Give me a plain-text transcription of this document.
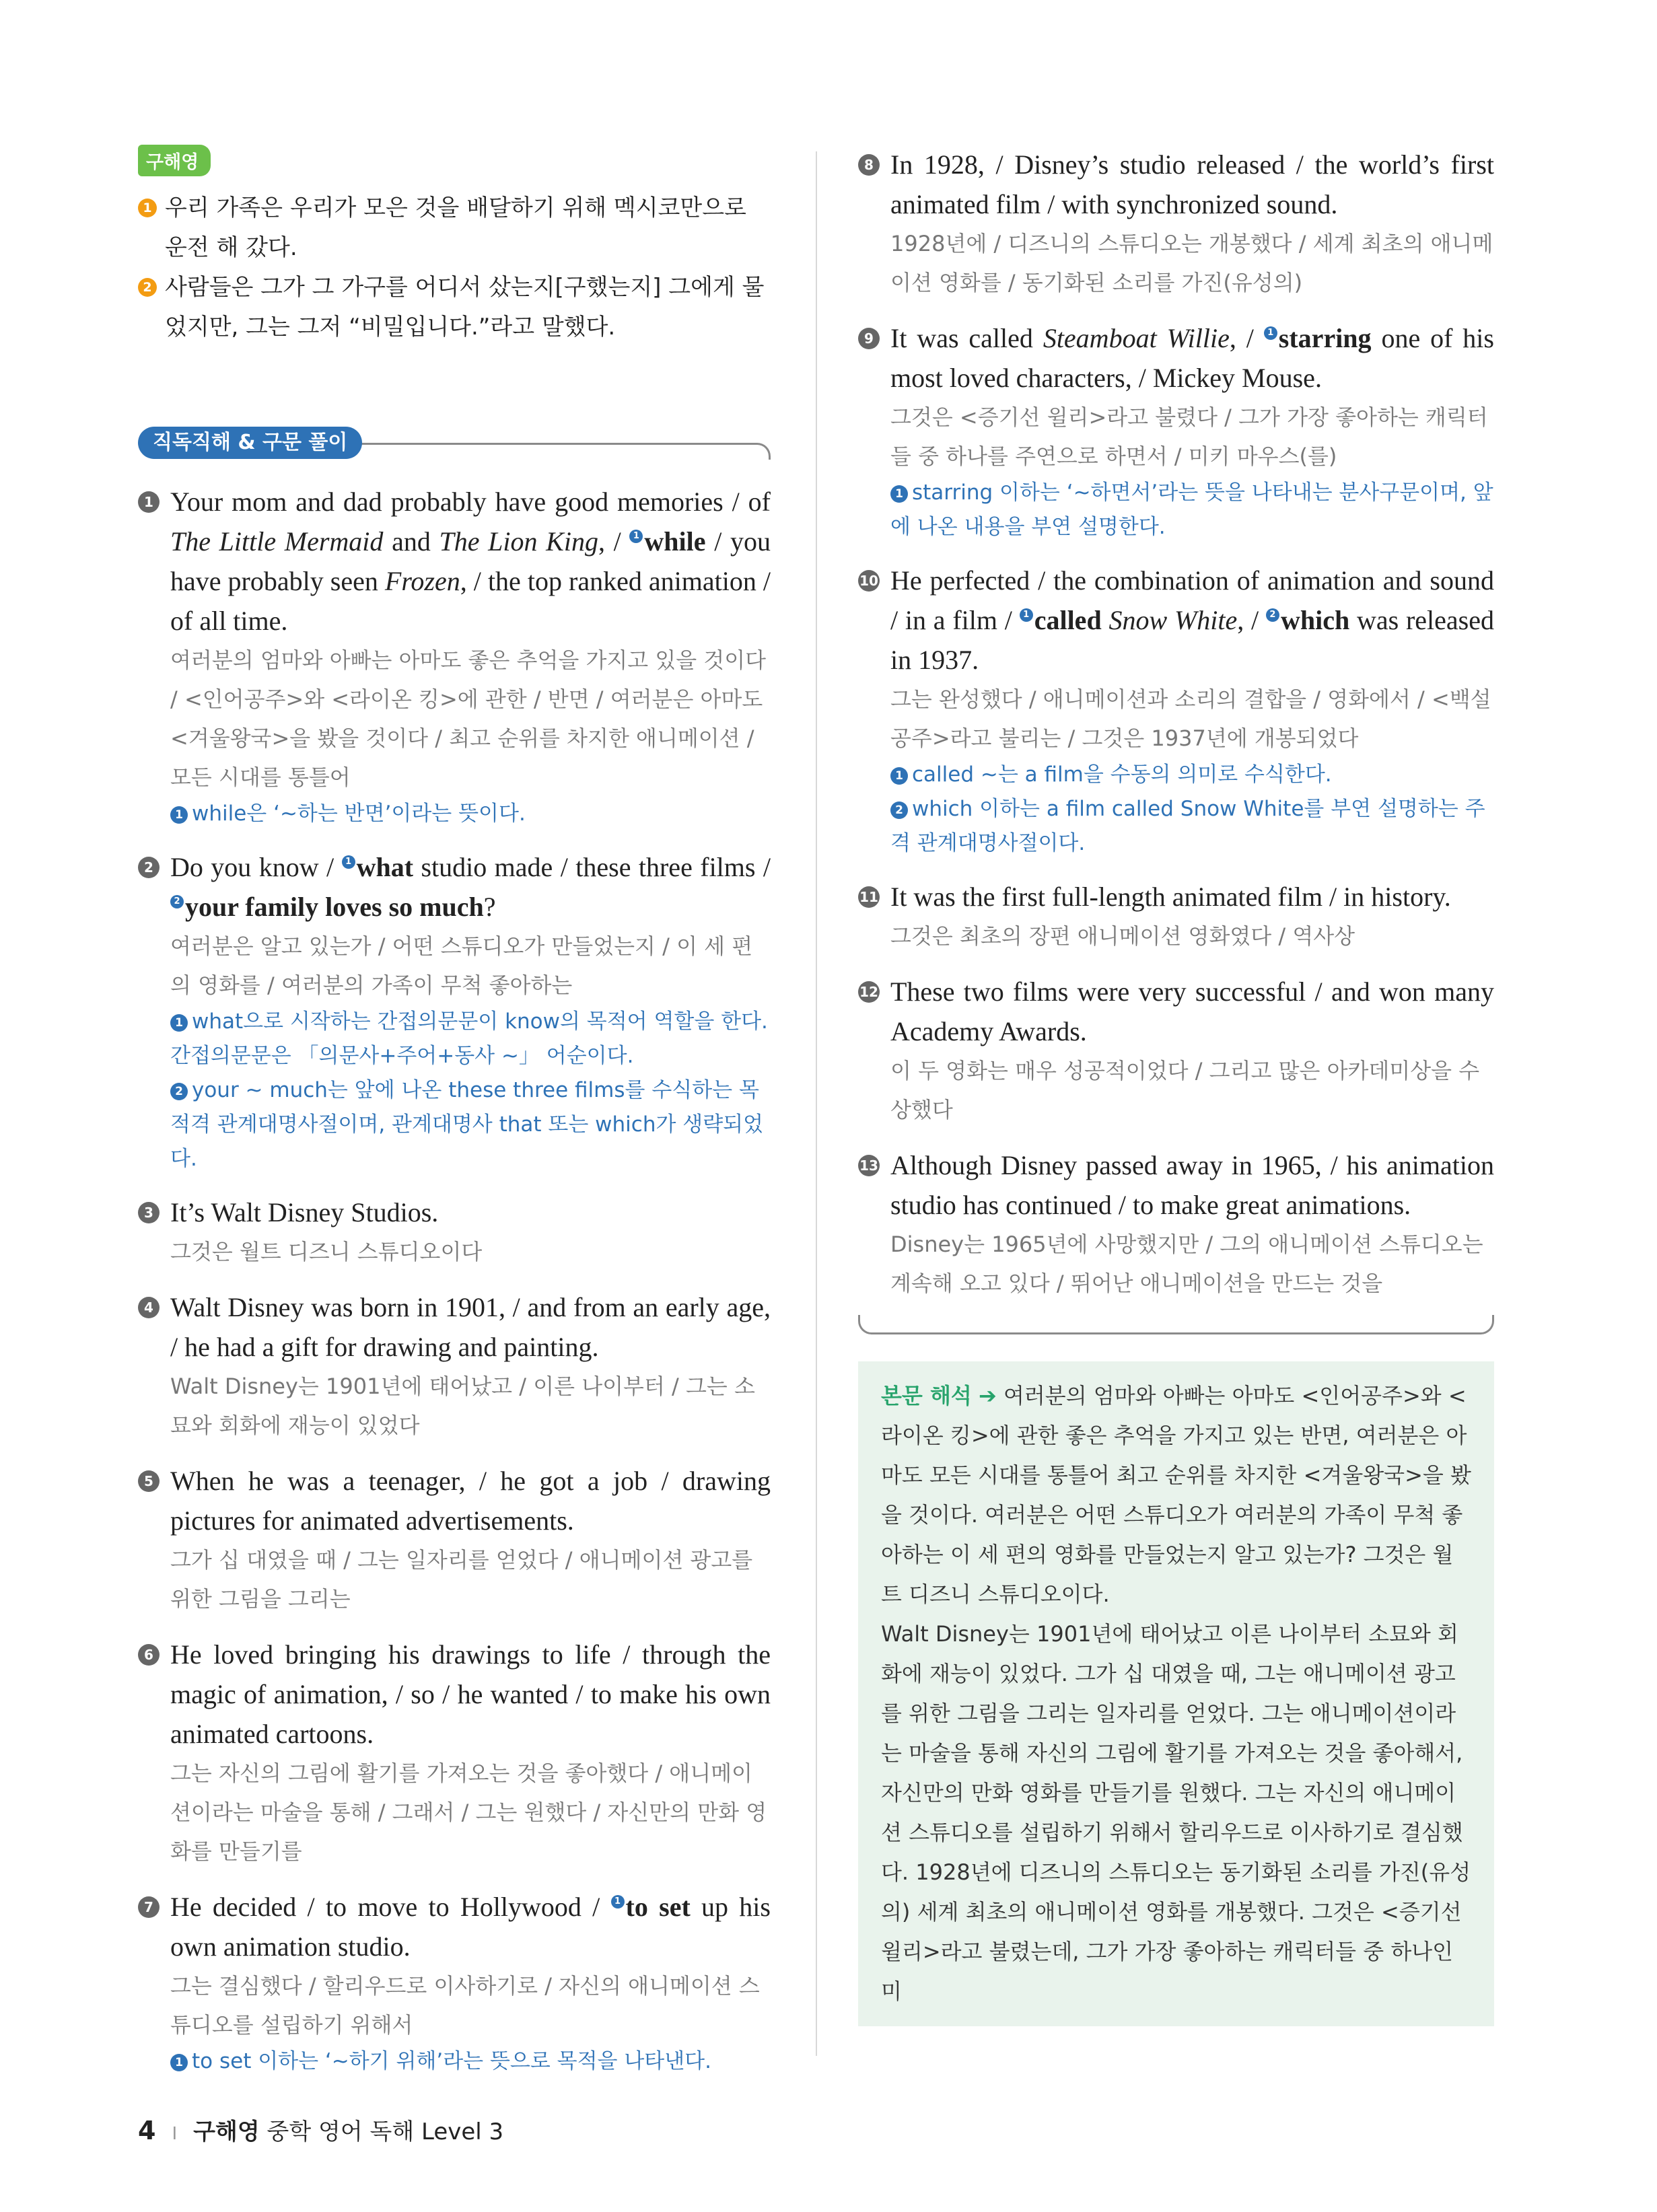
구해영
1 우리 가족은 우리가 모은 것을 배달하기 위해 멕시코만으로 운전 해 갔다.
2 사람들은 그가 그 가구를 어디서 샀는지[구했는지] 그에게 물었지만, 그는 그저 “비밀입니다.”라고 말했다.
직독직해 & 구문 풀이
1 Your mom and dad probably have good memories / of The Little Mermaid and The Lion King, / 1 while / you have probably seen Frozen, / the top ranked animation / of all time.
여러분의 엄마와 아빠는 아마도 좋은 추억을 가지고 있을 것이다 / <인어공주>와 <라이온 킹>에 관한 / 반면 / 여러분은 아마도 <겨울왕국>을 봤을 것이다 / 최고 순위를 차지한 애니메이션 / 모든 시대를 통틀어
1 while은 ‘~하는 반면’이라는 뜻이다.
2 Do you know / 1 what studio made / these three films / 2 your family loves so much?
여러분은 알고 있는가 / 어떤 스튜디오가 만들었는지 / 이 세 편의 영화를 / 여러분의 가족이 무척 좋아하는
1 what으로 시작하는 간접의문문이 know의 목적어 역할을 한다. 간접의문문은 「의문사+주어+동사 ~」 어순이다.
2 your ~ much는 앞에 나온 these three films를 수식하는 목적격 관계대명사절이며, 관계대명사 that 또는 which가 생략되었다.
3 It’s Walt Disney Studios.
그것은 월트 디즈니 스튜디오이다
4 Walt Disney was born in 1901, / and from an early age, / he had a gift for drawing and painting.
Walt Disney는 1901년에 태어났고 / 이른 나이부터 / 그는 소묘와 회화에 재능이 있었다
5 When he was a teenager, / he got a job / drawing pictures for animated advertisements.
그가 십 대였을 때 / 그는 일자리를 얻었다 / 애니메이션 광고를 위한 그림을 그리는
6 He loved bringing his drawings to life / through the magic of animation, / so / he wanted / to make his own animated cartoons.
그는 자신의 그림에 활기를 가져오는 것을 좋아했다 / 애니메이션이라는 마술을 통해 / 그래서 / 그는 원했다 / 자신만의 만화 영화를 만들기를
7 He decided / to move to Hollywood / 1 to set up his own animation studio.
그는 결심했다 / 할리우드로 이사하기로 / 자신의 애니메이션 스튜디오를 설립하기 위해서
1 to set 이하는 ‘~하기 위해’라는 뜻으로 목적을 나타낸다.
8 In 1928, / Disney’s studio released / the world’s first animated film / with synchronized sound.
1928년에 / 디즈니의 스튜디오는 개봉했다 / 세계 최초의 애니메이션 영화를 / 동기화된 소리를 가진(유성의)
9 It was called Steamboat Willie, / 1 starring one of his most loved characters, / Mickey Mouse.
그것은 <증기선 윌리>라고 불렸다 / 그가 가장 좋아하는 캐릭터들 중 하나를 주연으로 하면서 / 미키 마우스(를)
1 starring 이하는 ‘~하면서’라는 뜻을 나타내는 분사구문이며, 앞에 나온 내용을 부연 설명한다.
10 He perfected / the combination of animation and sound / in a film / 1 called Snow White, / 2 which was released in 1937.
그는 완성했다 / 애니메이션과 소리의 결합을 / 영화에서 / <백설공주>라고 불리는 / 그것은 1937년에 개봉되었다
1 called ~는 a film을 수동의 의미로 수식한다.
2 which 이하는 a film called Snow White를 부연 설명하는 주격 관계대명사절이다.
11 It was the first full-length animated film / in history.
그것은 최초의 장편 애니메이션 영화였다 / 역사상
12 These two films were very successful / and won many Academy Awards.
이 두 영화는 매우 성공적이었다 / 그리고 많은 아카데미상을 수상했다
13 Although Disney passed away in 1965, / his animation studio has continued / to make great animations.
Disney는 1965년에 사망했지만 / 그의 애니메이션 스튜디오는 계속해 오고 있다 / 뛰어난 애니메이션을 만드는 것을
본문 해석 ➔ 여러분의 엄마와 아빠는 아마도 <인어공주>와 <라이온 킹>에 관한 좋은 추억을 가지고 있는 반면, 여러분은 아마도 모든 시대를 통틀어 최고 순위를 차지한 <겨울왕국>을 봤을 것이다. 여러분은 어떤 스튜디오가 여러분의 가족이 무척 좋아하는 이 세 편의 영화를 만들었는지 알고 있는가? 그것은 월트 디즈니 스튜디오이다.
Walt Disney는 1901년에 태어났고 이른 나이부터 소묘와 회화에 재능이 있었다. 그가 십 대였을 때, 그는 애니메이션 광고를 위한 그림을 그리는 일자리를 얻었다. 그는 애니메이션이라는 마술을 통해 자신의 그림에 활기를 가져오는 것을 좋아해서, 자신만의 만화 영화를 만들기를 원했다. 그는 자신의 애니메이션 스튜디오를 설립하기 위해서 할리우드로 이사하기로 결심했다. 1928년에 디즈니의 스튜디오는 동기화된 소리를 가진(유성의) 세계 최초의 애니메이션 영화를 개봉했다. 그것은 <증기선 윌리>라고 불렸는데, 그가 가장 좋아하는 캐릭터들 중 하나인 미
4 I 구해영 중학 영어 독해 Level 3
